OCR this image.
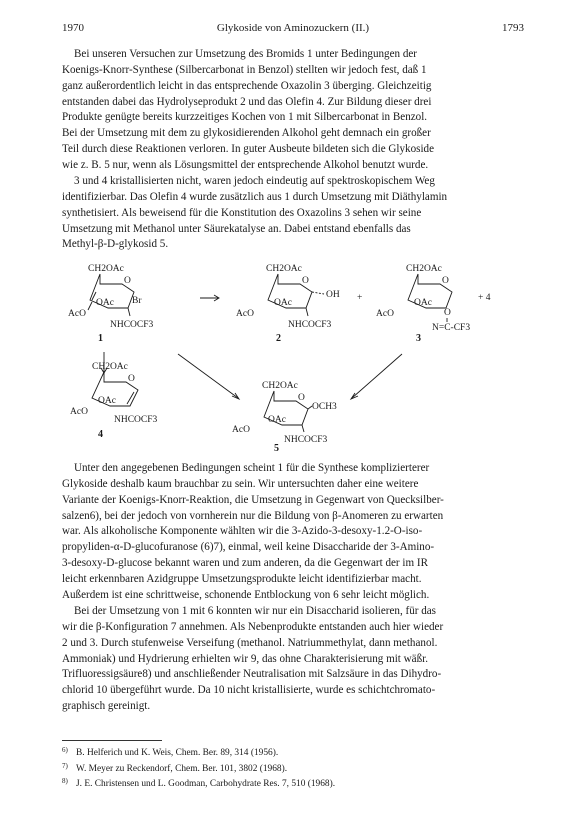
1970	Glykoside von Aminozuckern (II.)	1793
Bei unseren Versuchen zur Umsetzung des Bromids 1 unter Bedingungen der
Koenigs-Knorr-Synthese (Silbercarbonat in Benzol) stellten wir jedoch fest, daß 1
ganz außerordentlich leicht in das entsprechende Oxazolin 3 überging. Gleichzeitig
entstanden dabei das Hydrolyseprodukt 2 und das Olefin 4. Zur Bildung dieser drei
Produkte genügte bereits kurzzeitiges Kochen von 1 mit Silbercarbonat in Benzol.
Bei der Umsetzung mit dem zu glykosidierenden Alkohol geht demnach ein großer
Teil durch diese Reaktionen verloren. In guter Ausbeute bildeten sich die Glykoside
wie z. B. 5 nur, wenn als Lösungsmittel der entsprechende Alkohol benutzt wurde.
3 und 4 kristallisierten nicht, waren jedoch eindeutig auf spektroskopischem Weg
identifizierbar. Das Olefin 4 wurde zusätzlich aus 1 durch Umsetzung mit Diäthylamin
synthetisiert. Als beweisend für die Konstitution des Oxazolins 3 sehen wir seine
Umsetzung mit Methanol unter Säurekatalyse an. Dabei entstand ebenfalls das
Methyl-β-D-glykosid 5.
CH2OAc
O
OAc
AcO
Br
NHCOCF3
1
CH2OAc
O
OAc
AcO
OH
NHCOCF3
2
+
CH2OAc
O
OAc
AcO	O
N=C-CF3
3
+ 4
CH2OAc
O
OAc
AcO
NHCOCF3
4
CH2OAc
O
OCH3
OAc
AcO
NHCOCF3
5
Unter den angegebenen Bedingungen scheint 1 für die Synthese komplizierterer
Glykoside deshalb kaum brauchbar zu sein. Wir untersuchten daher eine weitere
Variante der Koenigs-Knorr-Reaktion, die Umsetzung in Gegenwart von Quecksilber-
salzen6), bei der jedoch von vornherein nur die Bildung von β-Anomeren zu erwarten
war. Als alkoholische Komponente wählten wir die 3-Azido-3-desoxy-1.2-O-iso-
propyliden-α-D-glucofuranose (6)7), einmal, weil keine Disaccharide der 3-Amino-
3-desoxy-D-glucose bekannt waren und zum anderen, da die Gegenwart der im IR
leicht erkennbaren Azidgruppe Umsetzungsprodukte leicht identifizierbar macht.
Außerdem ist eine schrittweise, schonende Entblockung von 6 sehr leicht möglich.
Bei der Umsetzung von 1 mit 6 konnten wir nur ein Disaccharid isolieren, für das
wir die β-Konfiguration 7 annehmen. Als Nebenprodukte entstanden auch hier wieder
2 und 3. Durch stufenweise Verseifung (methanol. Natriummethylat, dann methanol.
Ammoniak) und Hydrierung erhielten wir 9, das ohne Charakterisierung mit wäßr.
Trifluoressigsäure8) und anschließender Neutralisation mit Salzsäure in das Dihydro-
chlorid 10 übergeführt wurde. Da 10 nicht kristallisierte, wurde es schichtchromato-
graphisch gereinigt.
6) B. Helferich und K. Weis, Chem. Ber. 89, 314 (1956).
7) W. Meyer zu Reckendorf, Chem. Ber. 101, 3802 (1968).
8) J. E. Christensen und L. Goodman, Carbohydrate Res. 7, 510 (1968).
